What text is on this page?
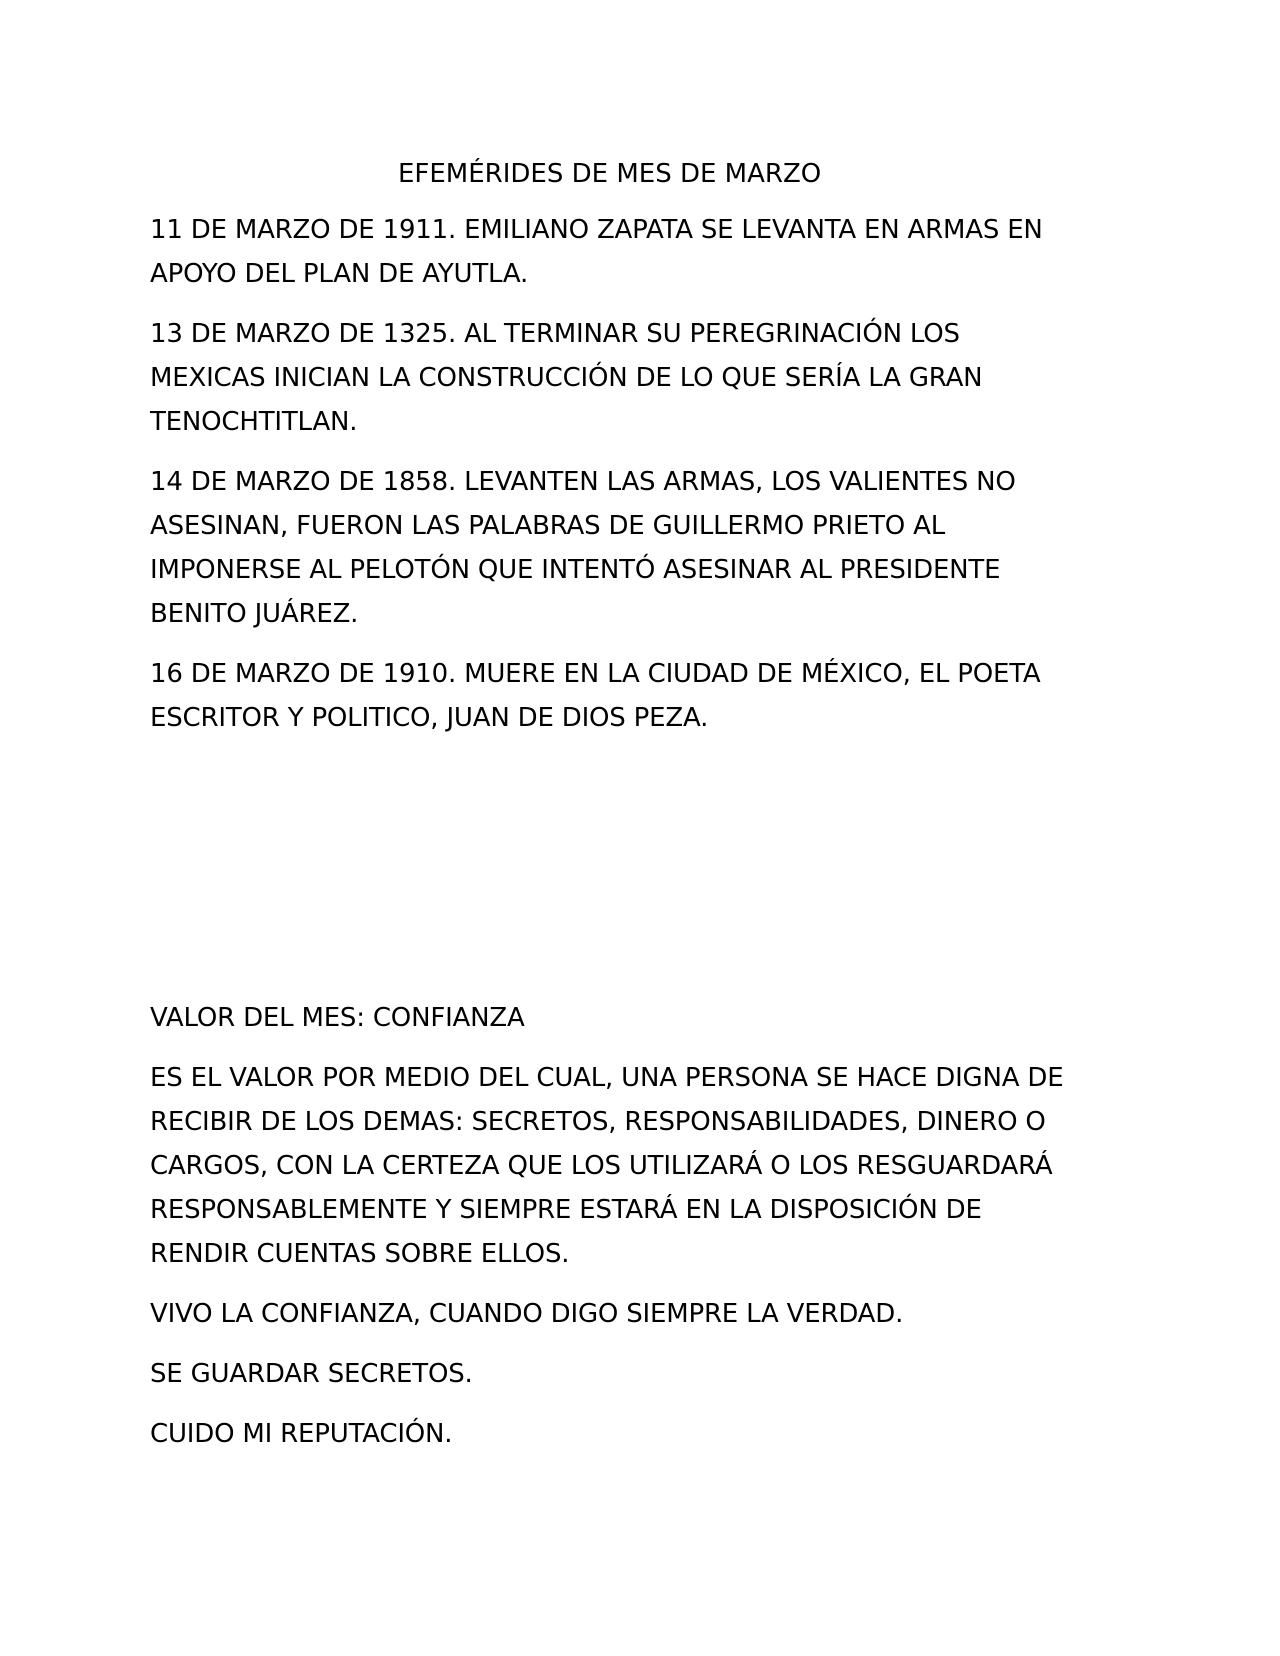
EFEMÉRIDES DE MES DE MARZO
11 DE MARZO DE 1911. EMILIANO ZAPATA SE LEVANTA EN ARMAS EN
APOYO DEL PLAN DE AYUTLA.
13 DE MARZO DE 1325. AL TERMINAR SU PEREGRINACIÓN LOS
MEXICAS INICIAN LA CONSTRUCCIÓN DE LO QUE SERÍA LA GRAN
TENOCHTITLAN.
14 DE MARZO DE 1858. LEVANTEN LAS ARMAS, LOS VALIENTES NO
ASESINAN, FUERON LAS PALABRAS DE GUILLERMO PRIETO AL
IMPONERSE AL PELOTÓN QUE INTENTÓ ASESINAR AL PRESIDENTE
BENITO JUÁREZ.
16 DE MARZO DE 1910. MUERE EN LA CIUDAD DE MÉXICO, EL POETA
ESCRITOR Y POLITICO, JUAN DE DIOS PEZA.
VALOR DEL MES: CONFIANZA
ES EL VALOR POR MEDIO DEL CUAL, UNA PERSONA SE HACE DIGNA DE
RECIBIR DE LOS DEMAS: SECRETOS, RESPONSABILIDADES, DINERO O
CARGOS, CON LA CERTEZA QUE LOS UTILIZARÁ O LOS RESGUARDARÁ
RESPONSABLEMENTE Y SIEMPRE ESTARÁ EN LA DISPOSICIÓN DE
RENDIR CUENTAS SOBRE ELLOS.
VIVO LA CONFIANZA, CUANDO DIGO SIEMPRE LA VERDAD.
SE GUARDAR SECRETOS.
CUIDO MI REPUTACIÓN.
